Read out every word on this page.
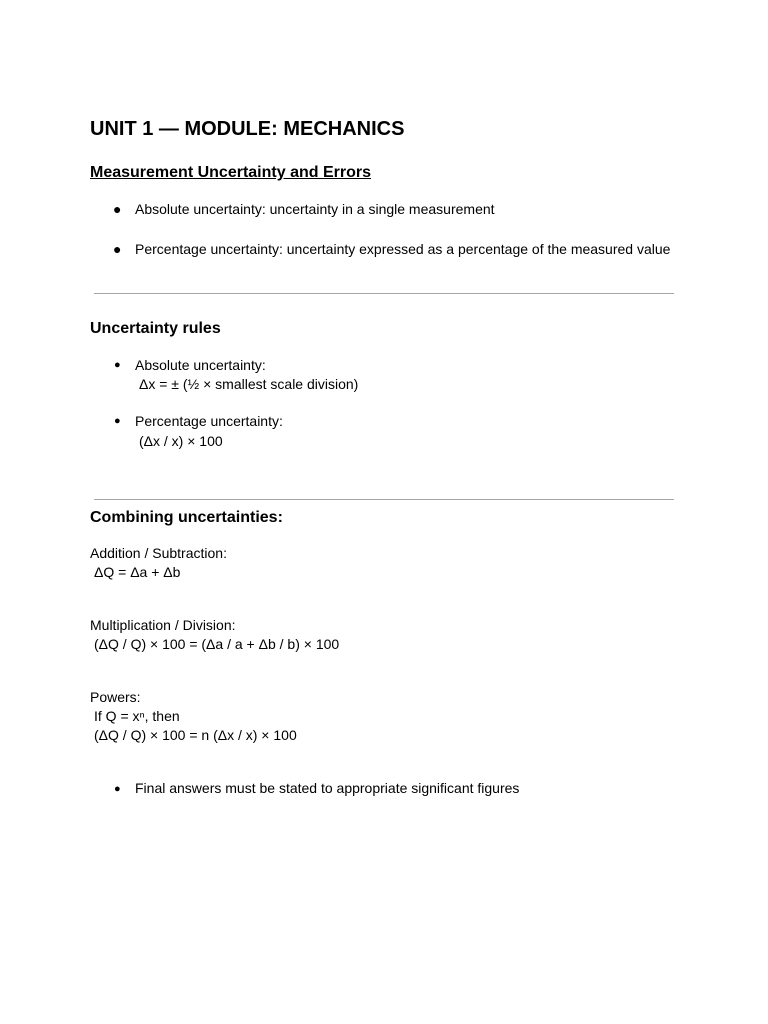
UNIT 1 — MODULE: MECHANICS
Measurement Uncertainty and Errors
● Absolute uncertainty: uncertainty in a single measurement
● Percentage uncertainty: uncertainty expressed as a percentage of the measured value
Uncertainty rules
● Absolute uncertainty:
Δx = ± (½ × smallest scale division)
● Percentage uncertainty:
(Δx / x) × 100
Combining uncertainties:
Addition / Subtraction:
ΔQ = Δa + Δb
Multiplication / Division:
(ΔQ / Q) × 100 = (Δa / a + Δb / b) × 100
Powers:
If Q = xⁿ, then
(ΔQ / Q) × 100 = n (Δx / x) × 100
● Final answers must be stated to appropriate significant figures
